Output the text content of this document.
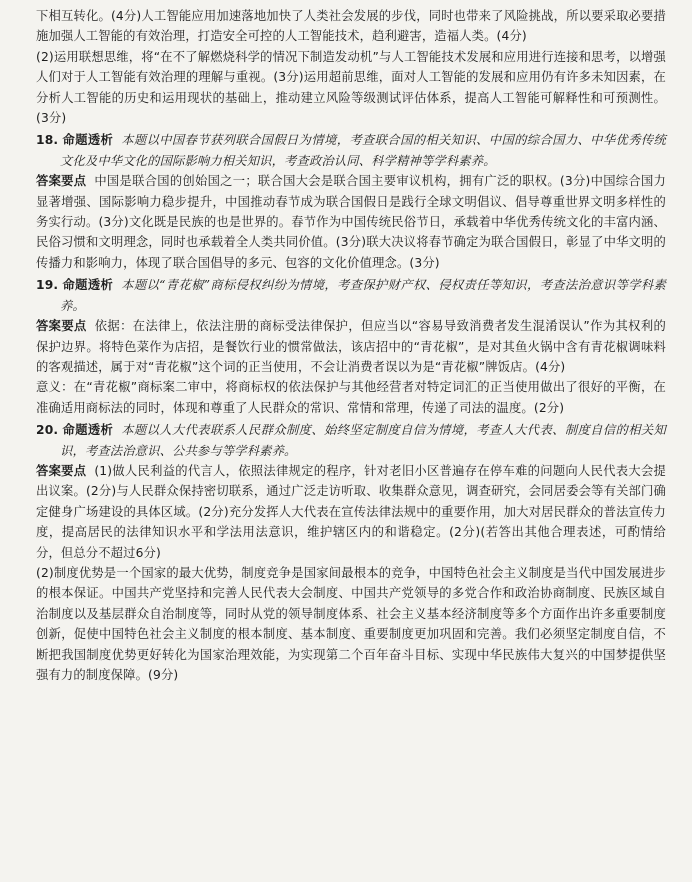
下相互转化。(4分)人工智能应用加速落地加快了人类社会发展的步伐，同时也带来了风险挑战，所以要采取必要措施加强人工智能的有效治理，打造安全可控的人工智能技术，趋利避害，造福人类。(4分)

(2)运用联想思维，将“在不了解燃烧科学的情况下制造发动机”与人工智能技术发展和应用进行连接和思考，以增强人们对于人工智能有效治理的理解与重视。(3分)运用超前思维，面对人工智能的发展和应用仍有许多未知因素，在分析人工智能的历史和运用现状的基础上，推动建立风险等级测试评估体系，提高人工智能可解释性和可预测性。(3分)

18. 命题透析 本题以中国春节获列联合国假日为情境，考查联合国的相关知识、中国的综合国力、中华优秀传统文化及中华文化的国际影响力相关知识，考查政治认同、科学精神等学科素养。

答案要点 中国是联合国的创始国之一；联合国大会是联合国主要审议机构，拥有广泛的职权。(3分)中国综合国力显著增强、国际影响力稳步提升，中国推动春节成为联合国假日是践行全球文明倡议、倡导尊重世界文明多样性的务实行动。(3分)文化既是民族的也是世界的。春节作为中国传统民俗节日，承载着中华优秀传统文化的丰富内涵、民俗习惯和文明理念，同时也承载着全人类共同价值。(3分)联大决议将春节确定为联合国假日，彰显了中华文明的传播力和影响力，体现了联合国倡导的多元、包容的文化价值理念。(3分)

19. 命题透析 本题以“青花椒”商标侵权纠纷为情境，考查保护财产权、侵权责任等知识，考查法治意识等学科素养。

答案要点 依据：在法律上，依法注册的商标受法律保护，但应当以“容易导致消费者发生混淆误认”作为其权利的保护边界。将特色菜作为店招，是餐饮行业的惯常做法，该店招中的“青花椒”，是对其鱼火锅中含有青花椒调味料的客观描述，属于对“青花椒”这个词的正当使用，不会让消费者误以为是“青花椒”牌饭店。(4分)

意义：在“青花椒”商标案二审中，将商标权的依法保护与其他经营者对特定词汇的正当使用做出了很好的平衡，在准确适用商标法的同时，体现和尊重了人民群众的常识、常情和常理，传递了司法的温度。(2分)

20. 命题透析 本题以人大代表联系人民群众制度、始终坚定制度自信为情境，考查人大代表、制度自信的相关知识，考查法治意识、公共参与等学科素养。

答案要点 (1)做人民利益的代言人，依照法律规定的程序，针对老旧小区普遍存在停车难的问题向人民代表大会提出议案。(2分)与人民群众保持密切联系，通过广泛走访听取、收集群众意见，调查研究，会同居委会等有关部门确定健身广场建设的具体区域。(2分)充分发挥人大代表在宣传法律法规中的重要作用，加大对居民群众的普法宣传力度，提高居民的法律知识水平和学法用法意识，维护辖区内的和谐稳定。(2分)(若答出其他合理表述，可酌情给分，但总分不超过6分)

(2)制度优势是一个国家的最大优势，制度竞争是国家间最根本的竞争，中国特色社会主义制度是当代中国发展进步的根本保证。中国共产党坚持和完善人民代表大会制度、中国共产党领导的多党合作和政治协商制度、民族区域自治制度以及基层群众自治制度等，同时从党的领导制度体系、社会主义基本经济制度等多个方面作出许多重要制度创新，促使中国特色社会主义制度的根本制度、基本制度、重要制度更加巩固和完善。我们必须坚定制度自信，不断把我国制度优势更好转化为国家治理效能，为实现第二个百年奋斗目标、实现中华民族伟大复兴的中国梦提供坚强有力的制度保障。(9分)
